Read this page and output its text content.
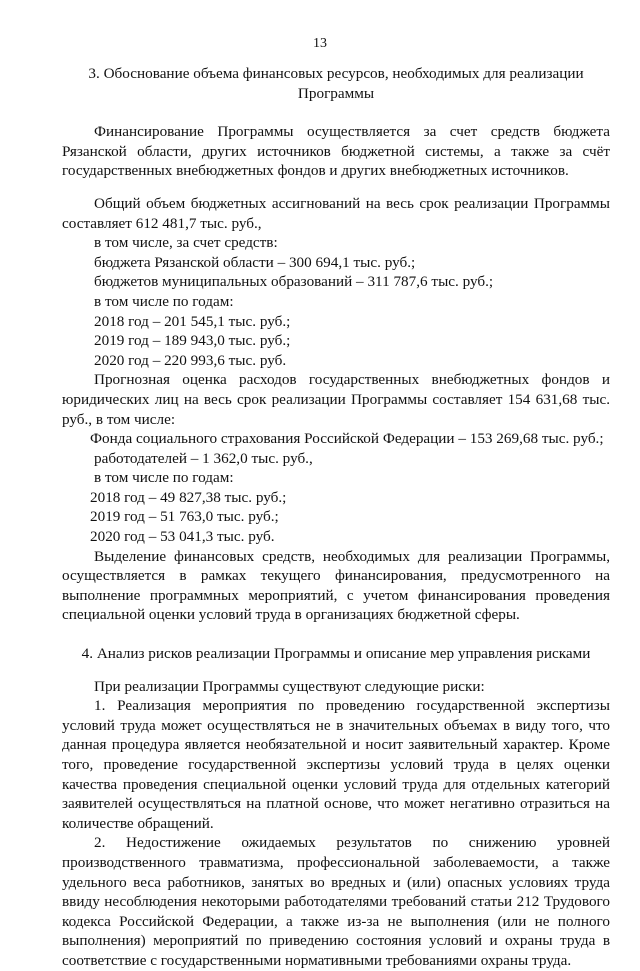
13
3. Обоснование объема финансовых ресурсов, необходимых для реализации
Программы

Финансирование Программы осуществляется за счет средств бюджета Рязанской области, других источников бюджетной системы, а также за счёт государственных внебюджетных фондов и других внебюджетных источников.

Общий объем бюджетных ассигнований на весь срок реализации Программы составляет 612 481,7 тыс. руб.,

в том числе, за счет средств:

бюджета Рязанской области – 300 694,1 тыс. руб.;

бюджетов муниципальных образований – 311 787,6 тыс. руб.;

в том числе по годам:

2018 год – 201 545,1 тыс. руб.;

2019 год – 189 943,0 тыс. руб.;

2020 год – 220 993,6 тыс. руб.

Прогнозная оценка расходов государственных внебюджетных фондов и юридических лиц на весь срок реализации Программы составляет 154 631,68 тыс. руб., в том числе:

Фонда социального страхования Российской Федерации – 153 269,68 тыс. руб.;

работодателей – 1 362,0 тыс. руб.,

в том числе по годам:

2018 год – 49 827,38 тыс. руб.;

2019 год – 51 763,0 тыс. руб.;

2020 год – 53 041,3 тыс. руб.

Выделение финансовых средств, необходимых для реализации Программы, осуществляется в рамках текущего финансирования, предусмотренного на выполнение программных мероприятий, с учетом финансирования проведения специальной оценки условий труда в организациях бюджетной сферы.

4. Анализ рисков реализации Программы и описание мер управления рисками

При реализации Программы существуют следующие риски:

1. Реализация мероприятия по проведению государственной экспертизы условий труда может осуществляться не в значительных объемах в виду того, что данная процедура является необязательной и носит заявительный характер. Кроме того, проведение государственной экспертизы условий труда в целях оценки качества проведения специальной оценки условий труда для отдельных категорий заявителей осуществляться на платной основе, что может негативно отразиться на количестве обращений.

2. Недостижение ожидаемых результатов по снижению уровней производственного травматизма, профессиональной заболеваемости, а также удельного веса работников, занятых во вредных и (или) опасных условиях труда ввиду несоблюдения некоторыми работодателями требований статьи 212 Трудового кодекса Российской Федерации, а также из-за не выполнения (или не полного выполнения) мероприятий по приведению состояния условий и охраны труда в соответствие с государственными нормативными требованиями охраны труда.
